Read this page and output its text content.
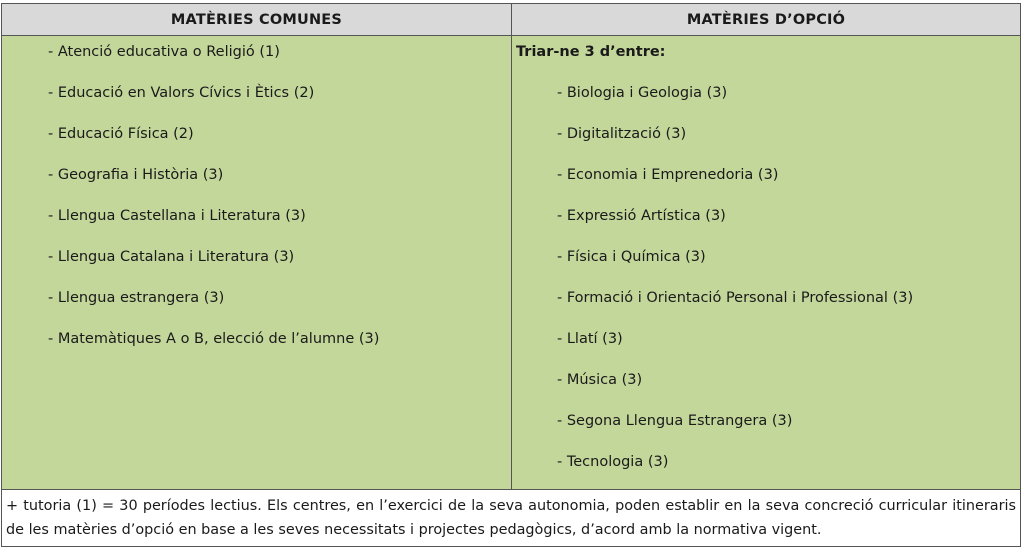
MATÈRIES COMUNES	MATÈRIES D’OPCIÓ
- Atenció educativa o Religió (1)
- Educació en Valors Cívics i Ètics (2)
- Educació Física (2)
- Geografia i Història (3)
- Llengua Castellana i Literatura (3)
- Llengua Catalana i Literatura (3)
- Llengua estrangera (3)
- Matemàtiques A o B, elecció de l’alumne (3)
Triar-ne 3 d’entre:
- Biologia i Geologia (3)
- Digitalització (3)
- Economia i Emprenedoria (3)
- Expressió Artística (3)
- Física i Química (3)
- Formació i Orientació Personal i Professional (3)
- Llatí (3)
- Música (3)
- Segona Llengua Estrangera (3)
- Tecnologia (3)
+ tutoria (1) = 30 períodes lectius. Els centres, en l’exercici de la seva autonomia, poden establir en la seva concreció curricular itineraris de les matèries d’opció en base a les seves necessitats i projectes pedagògics, d’acord amb la normativa vigent.
